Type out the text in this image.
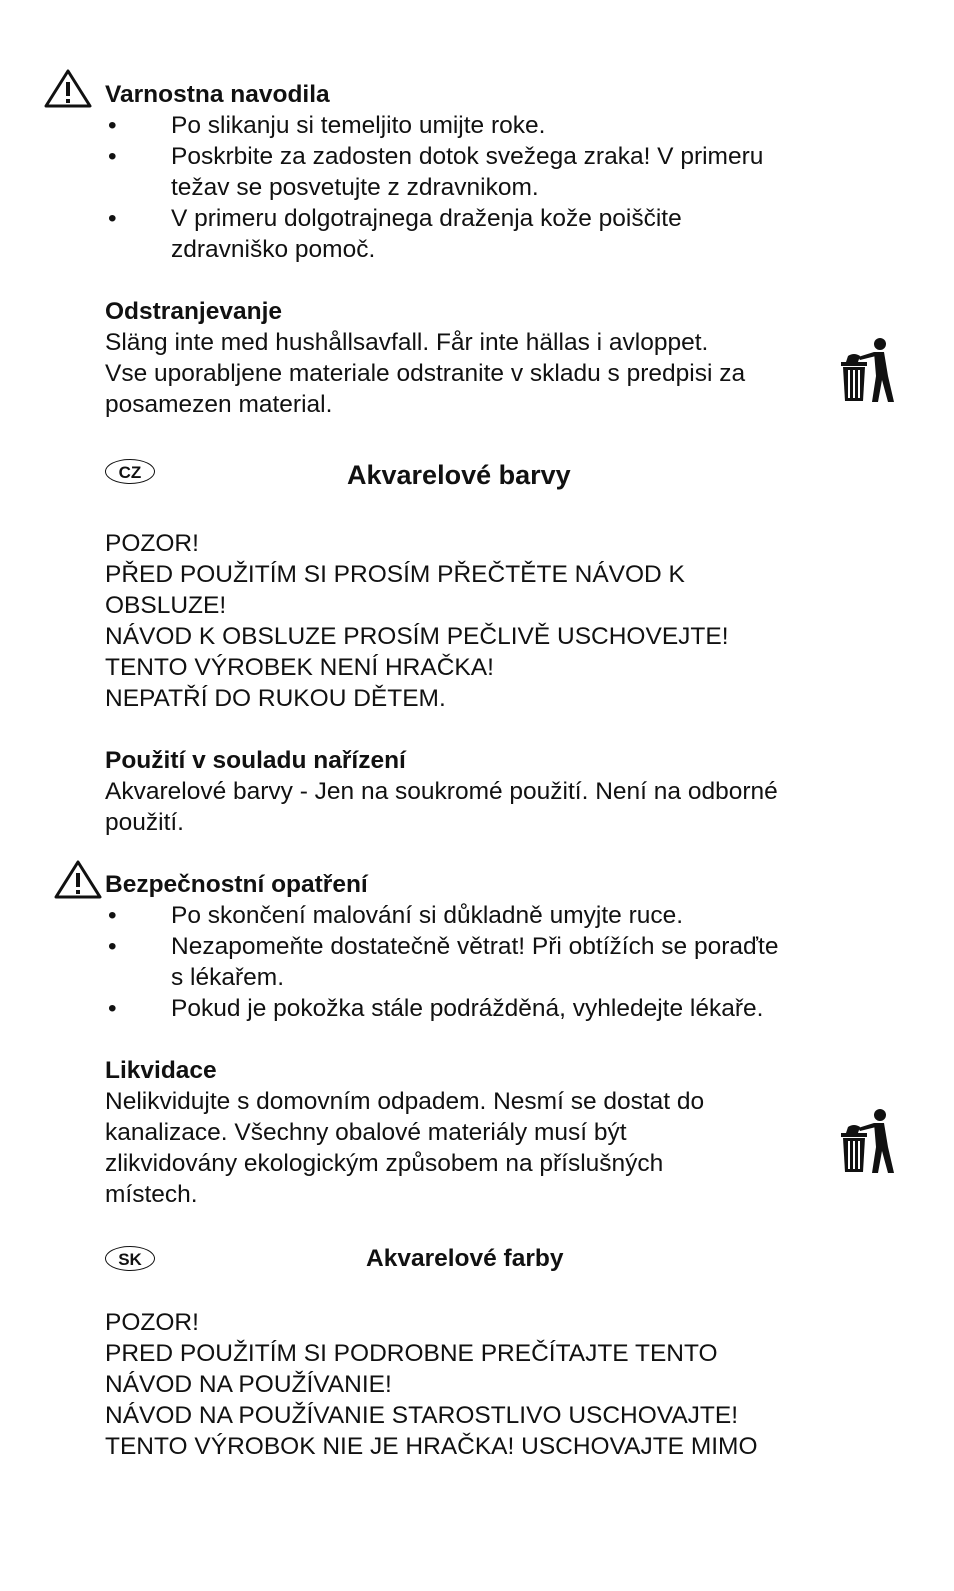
Varnostna navodila
• Po slikanju si temeljito umijte roke.
• Poskrbite za zadosten dotok svežega zraka! V primeru
težav se posvetujte z zdravnikom.
• V primeru dolgotrajnega draženja kože poiščite
zdravniško pomoč.
Odstranjevanje
Släng inte med hushållsavfall. Får inte hällas i avloppet.
Vse uporabljene materiale odstranite v skladu s predpisi za
posamezen material.
CZ	Akvarelové barvy
POZOR!
PŘED POUŽITÍM SI PROSÍM PŘEČTĚTE NÁVOD K
OBSLUZE!
NÁVOD K OBSLUZE PROSÍM PEČLIVĚ USCHOVEJTE!
TENTO VÝROBEK NENÍ HRAČKA!
NEPATŘÍ DO RUKOU DĚTEM.
Použití v souladu nařízení
Akvarelové barvy - Jen na soukromé použití. Není na odborné
použití.
Bezpečnostní opatření
• Po skončení malování si důkladně umyjte ruce.
• Nezapomeňte dostatečně větrat! Při obtížích se poraďte
s lékařem.
• Pokud je pokožka stále podrážděná, vyhledejte lékaře.
Likvidace
Nelikvidujte s domovním odpadem. Nesmí se dostat do
kanalizace. Všechny obalové materiály musí být
zlikvidovány ekologickým způsobem na příslušných
místech.
SK	Akvarelové farby
POZOR!
PRED POUŽITÍM SI PODROBNE PREČÍTAJTE TENTO
NÁVOD NA POUŽÍVANIE!
NÁVOD NA POUŽÍVANIE STAROSTLIVO USCHOVAJTE!
TENTO VÝROBOK NIE JE HRAČKA! USCHOVAJTE MIMO
